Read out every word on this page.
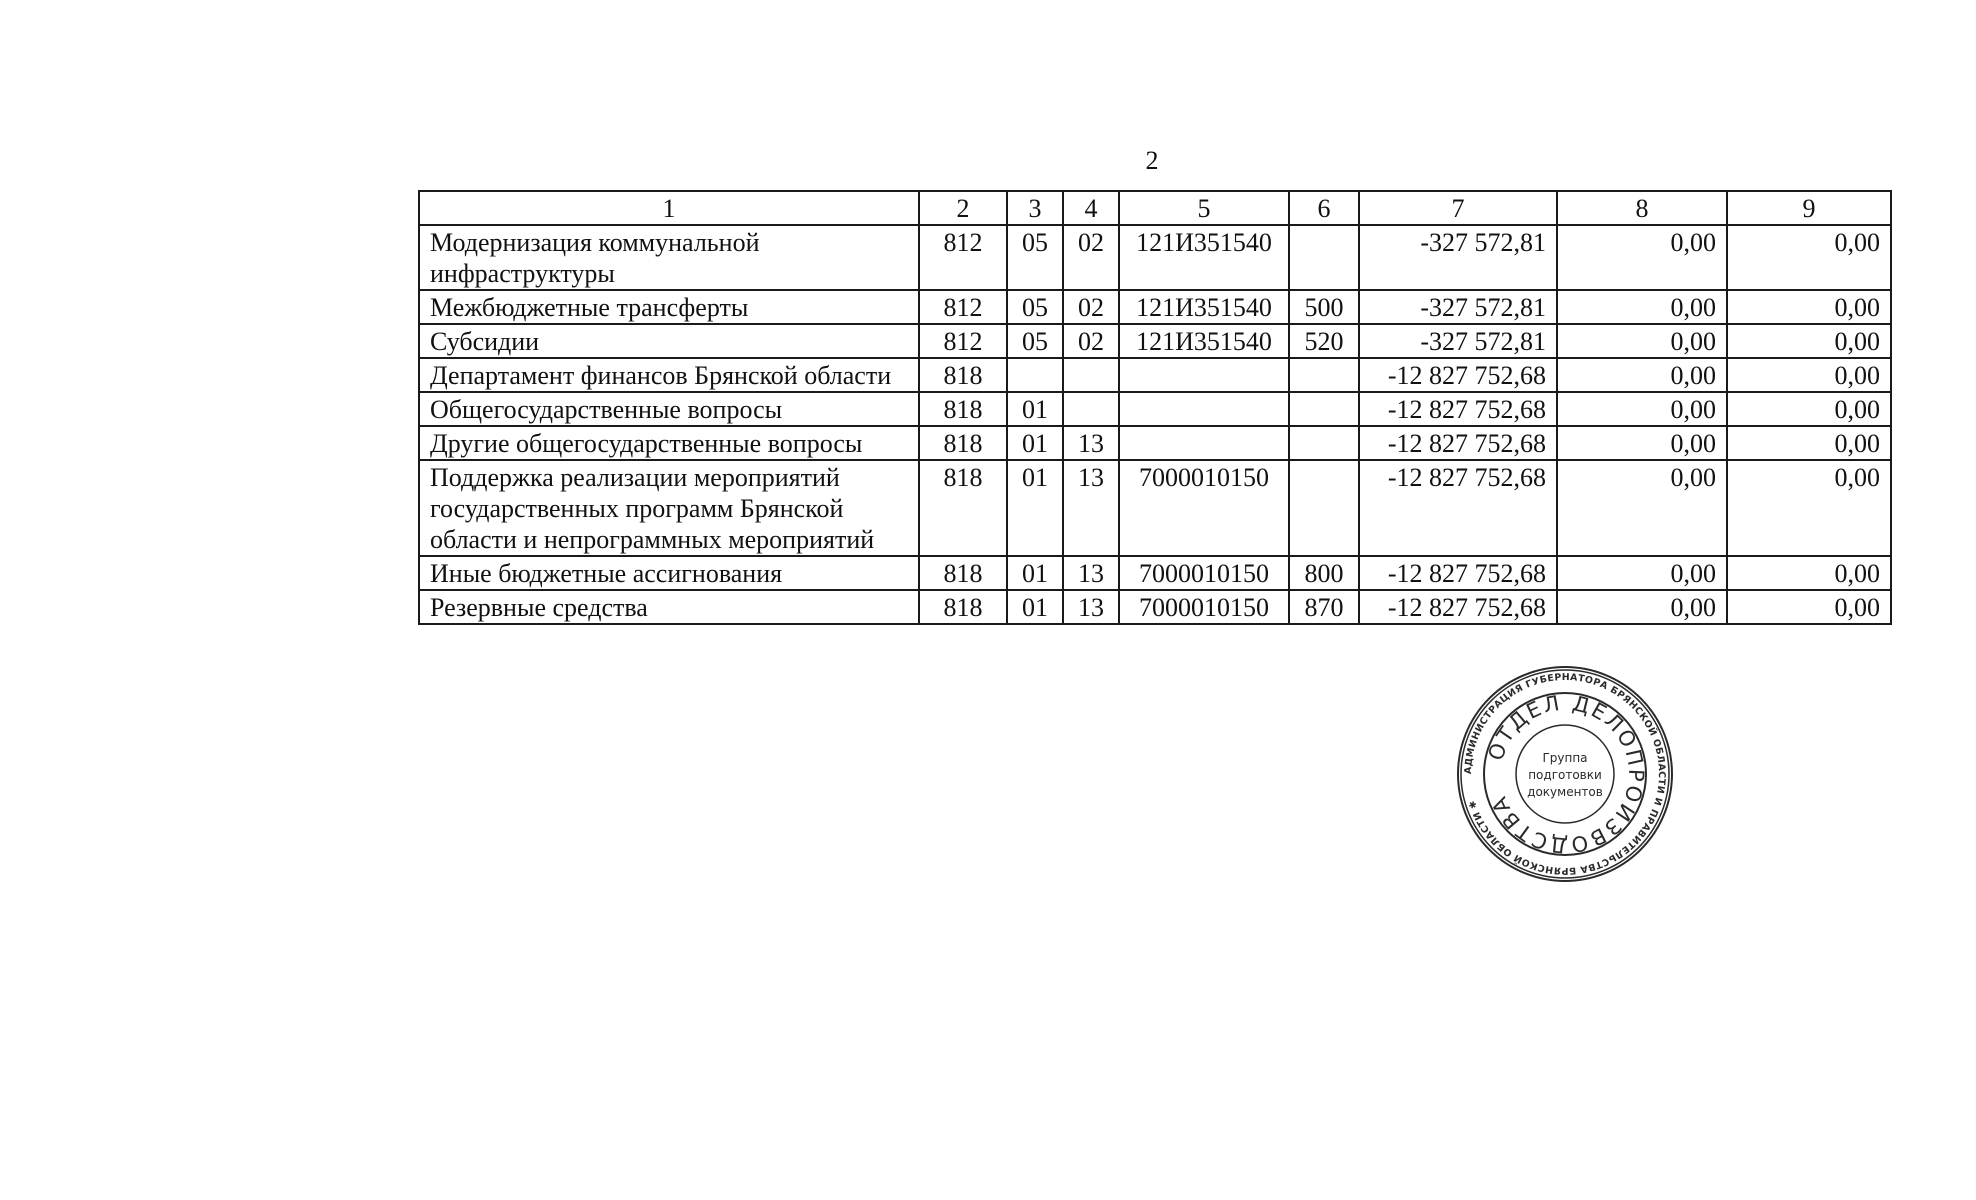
2
1	2	3	4	5	6	7	8	9
Модернизация коммунальной инфраструктуры	812	05	02	121И351540		-327 572,81	0,00	0,00
Межбюджетные трансферты	812	05	02	121И351540	500	-327 572,81	0,00	0,00
Субсидии	812	05	02	121И351540	520	-327 572,81	0,00	0,00
Департамент финансов Брянской области	818					-12 827 752,68	0,00	0,00
Общегосударственные вопросы	818	01				-12 827 752,68	0,00	0,00
Другие общегосударственные вопросы	818	01	13			-12 827 752,68	0,00	0,00
Поддержка реализации мероприятий государственных программ Брянской области и непрограммных мероприятий	818	01	13	7000010150		-12 827 752,68	0,00	0,00
Иные бюджетные ассигнования	818	01	13	7000010150	800	-12 827 752,68	0,00	0,00
Резервные средства	818	01	13	7000010150	870	-12 827 752,68	0,00	0,00
АДМИНИСТРАЦИЯ ГУБЕРНАТОРА БРЯНСКОЙ ОБЛАСТИ И ПРАВИТЕЛЬСТВА БРЯНСКОЙ ОБЛАСТИ ✱
ОТДЕЛ ДЕЛОПРОИЗВОДСТВА
Группа
подготовки
документов
